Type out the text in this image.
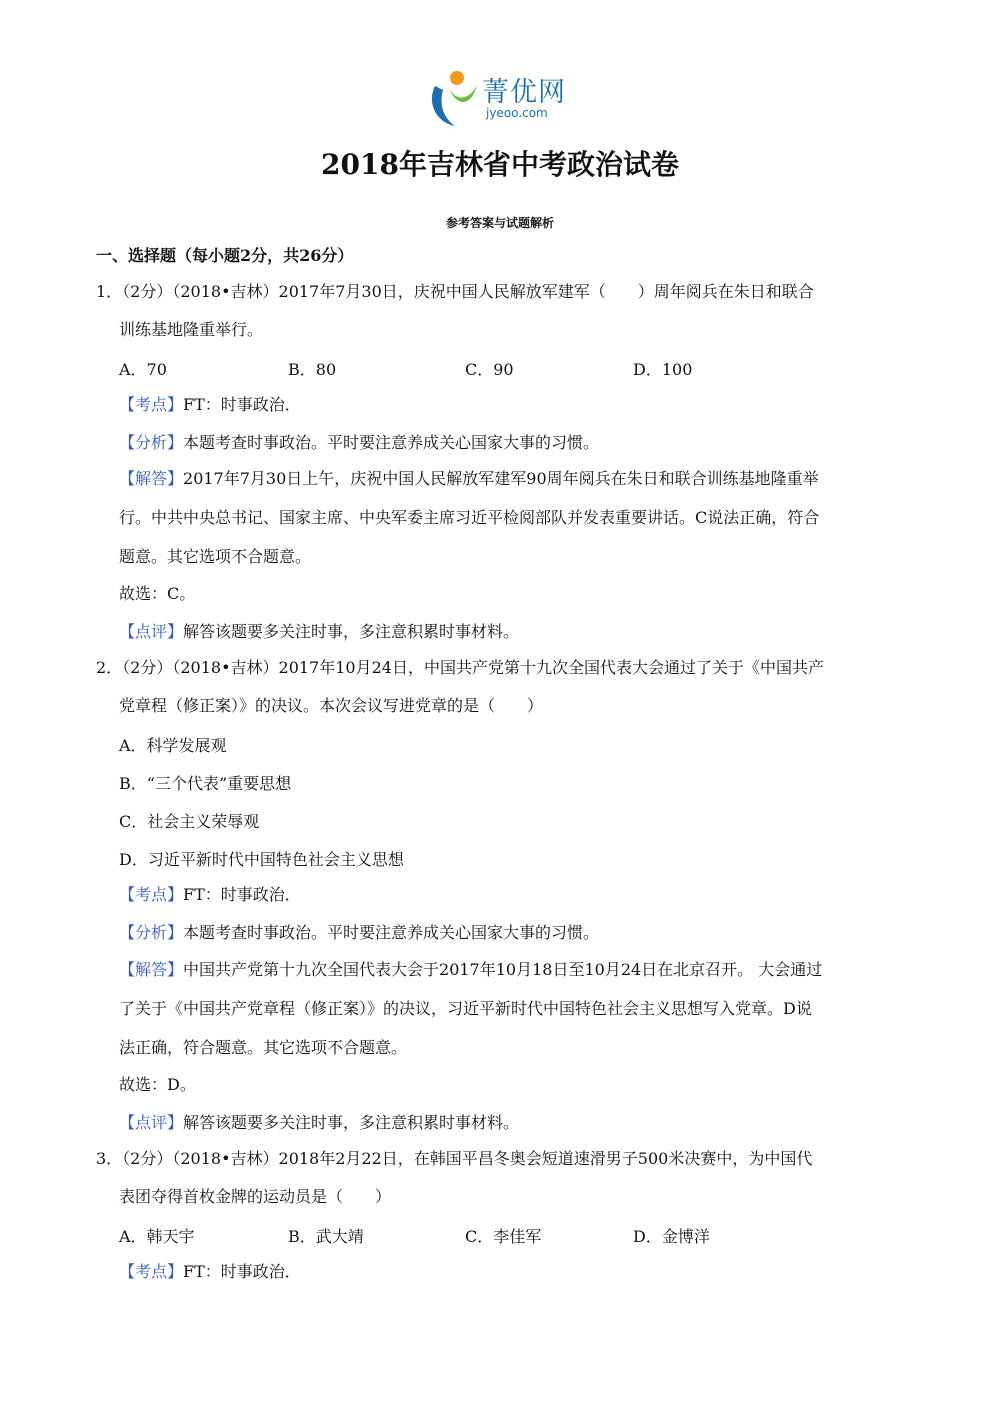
菁优网
jyeoo.com
2018年吉林省中考政治试卷
参考答案与试题解析
一、选择题（每小题2分，共26分）
1．（2分）（2018•吉林）2017年7月30日，庆祝中国人民解放军建军（　　）周年阅兵在朱日和联合
训练基地隆重举行。
A．70	B．80	C．90	D．100
【考点】FT：时事政治．
【分析】本题考查时事政治。平时要注意养成关心国家大事的习惯。
【解答】2017年7月30日上午，庆祝中国人民解放军建军90周年阅兵在朱日和联合训练基地隆重举
行。中共中央总书记、国家主席、中央军委主席习近平检阅部队并发表重要讲话。C说法正确，符合
题意。其它选项不合题意。
故选：C。
【点评】解答该题要多关注时事，多注意积累时事材料。
2．（2分）（2018•吉林）2017年10月24日，中国共产党第十九次全国代表大会通过了关于《中国共产
党章程（修正案）》的决议。本次会议写进党章的是（　　）
A．科学发展观
B．“三个代表”重要思想
C．社会主义荣辱观
D．习近平新时代中国特色社会主义思想
【考点】FT：时事政治．
【分析】本题考查时事政治。平时要注意养成关心国家大事的习惯。
【解答】中国共产党第十九次全国代表大会于2017年10月18日至10月24日在北京召开。 大会通过
了关于《中国共产党章程（修正案）》的决议，习近平新时代中国特色社会主义思想写入党章。D说
法正确，符合题意。其它选项不合题意。
故选：D。
【点评】解答该题要多关注时事，多注意积累时事材料。
3．（2分）（2018•吉林）2018年2月22日，在韩国平昌冬奥会短道速滑男子500米决赛中，为中国代
表团夺得首枚金牌的运动员是（　　）
A．韩天宇	B．武大靖	C．李佳军	D．金博洋
【考点】FT：时事政治．
